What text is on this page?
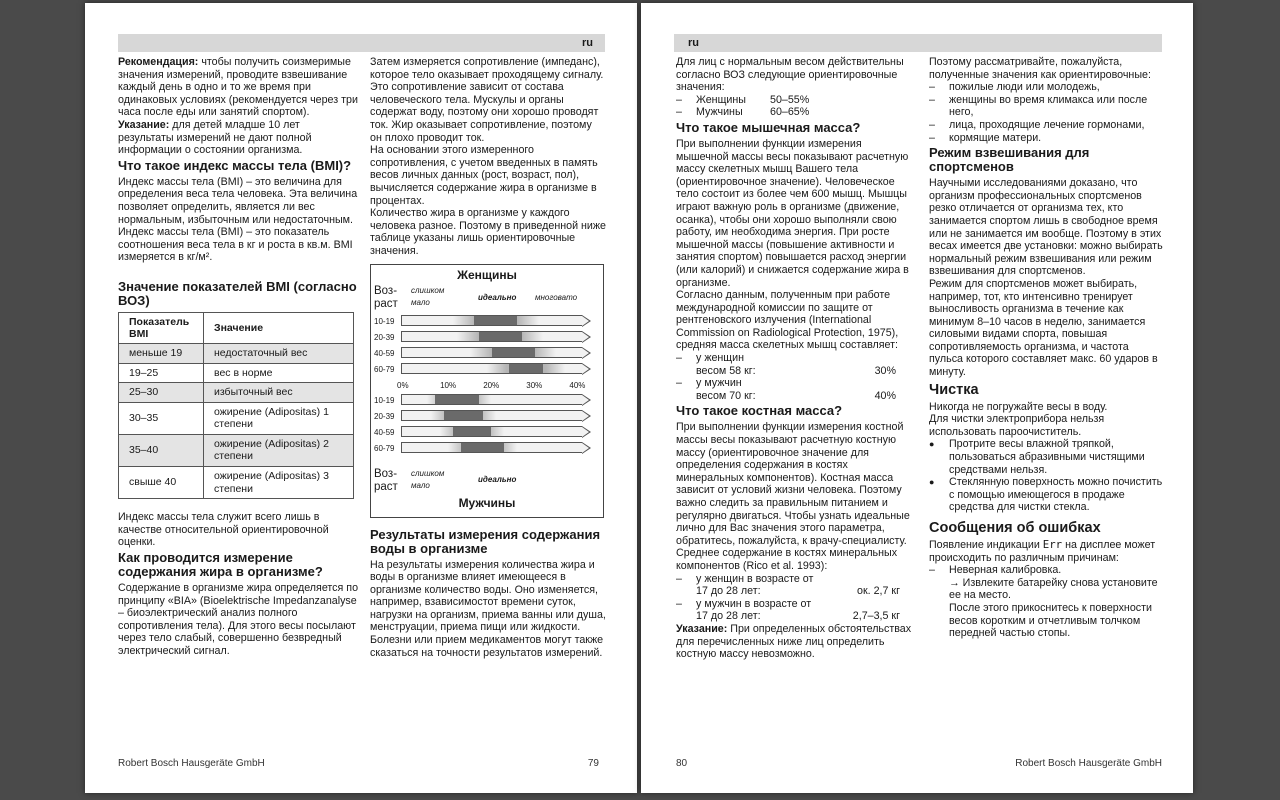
ru

Рекомендация: чтобы получить соизмеримые значения измерений, проводите взвешивание каждый день в одно и то же время при одинаковых условиях (рекомендуется через три часа после еды или занятий спортом).

Указание: для детей младше 10 лет результаты измерений не дают полной информации о состоянии организма.

Что такое индекс массы тела (BMI)?

Индекс массы тела (BMI) – это величина для определения веса тела человека. Эта величина позволяет определить, является ли вес нормальным, избыточным или недостаточным.

Индекс массы тела (BMI) – это показатель соотношения веса тела в кг и роста в кв.м. BMI измеряется в кг/м².

Значение показателей BMI (согласно ВОЗ)
Показатель BMI	Значение
меньше 19	недостаточный вес
19–25	вес в норме
25–30	избыточный вес
30–35	ожирение (Adipositas) 1 степени
35–40	ожирение (Adipositas) 2 степени
свыше 40	ожирение (Adipositas) 3 степени

Индекс массы тела служит всего лишь в качестве относительной ориентировочной оценки.

Как проводится измерение содержания жира в организме?

Содержание в организме жира определяется по принципу «BIA» (Bioelektrische Impedanzanalyse – биоэлектрический анализ полного сопротивления тела). Для этого весы посылают через тело слабый, совершенно безвредный электрический сигнал.

Затем измеряется сопротивление (импеданс), которое тело оказывает проходящему сигналу. Это сопротивление зависит от состава человеческого тела. Мускулы и органы содержат воду, поэтому они хорошо проводят ток. Жир оказывает сопротивление, поэтому он плохо проводит ток.

На основании этого измеренного сопротивления, с учетом введенных в память весов личных данных (рост, возраст, пол), вычисляется содержание жира в организме в процентах.

Количество жира в организме у каждого человека разное. Поэтому в приведенной ниже таблице указаны лишь ориентировочные значения.

Женщины
Воз- раст
слишком мало
идеально многовато
10-19
20-39
40-59
60-79
0%	10%	20%	30%	40%
10-19
20-39
40-59
60-79
Воз- раст
слишком мало
идеально
Мужчины
Результаты измерения содержания воды в организме

На результаты измерения количества жира и воды в организме влияет имеющееся в организме количество воды. Оно изменяется, например, взависимостот времени суток, нагрузки на организм, приема ванны или душа, менструации, приема пищи или жидкости. Болезни или прием медикаментов могут также сказаться на точности результатов измерений.

Robert Bosch Hausgeräte GmbH	79
ru

Для лиц с нормальным весом действительны согласно ВОЗ следующие ориентировочные значения:

– Женщины 50–55%
– Мужчины	60–65%
Что такое мышечная масса?

При выполнении функции измерения мышечной массы весы показывают расчетную массу скелетных мышц Вашего тела (ориентировочное значение). Человеческое тело состоит из более чем 600 мышц. Мышцы играют важную роль в организме (движение, осанка), чтобы они хорошо выполняли свою работу, им необходима энергия. При росте мышечной массы (повышение активности и занятия спортом) повышается расход энергии (или калорий) и снижается содержание жира в организме.

Согласно данным, полученным при работе международной комиссии по защите от рентгеновского излучения (International Commission on Radiological Protection, 1975), средняя масса скелетных мышц составляет:

– у женщин
весом 58 кг:	30%
– у мужчин
весом 70 кг:	40%
Что такое костная масса?

При выполнении функции измерения костной массы весы показывают расчетную костную массу (ориентировочное значение для определения содержания в костях минеральных компонентов). Костная масса зависит от условий жизни человека. Поэтому важно следить за правильным питанием и регулярно двигаться. Чтобы узнать идеальные лично для Вас значения этого параметра, обратитесь, пожалуйста, к врачу-специалисту.

Среднее содержание в костях минеральных компонентов (Rico et al. 1993):

– у женщин в возрасте от
17 до 28 лет:	ок. 2,7 кг
– у мужчин в возрасте от
17 до 28 лет:	2,7–3,5 кг

Указание: При определенных обстоятельствах для перечисленных ниже лиц определить костную массу невозможно.

Поэтому рассматривайте, пожалуйста, полученные значения как ориентировочные:

– пожилые люди или молодежь,
– женщины во время климакса или после него,
– лица, проходящие лечение гормонами,
– кормящие матери.
Режим взвешивания для спортсменов

Научными исследованиями доказано, что организм профессиональных спортсменов резко отличается от организма тех, кто занимается спортом лишь в свободное время или не занимается им вообще. Поэтому в этих весах имеется две установки: можно выбирать нормальный режим взвешивания или режим взвешивания для спортсменов.

Режим для спортсменов может выбирать, например, тот, кто интенсивно тренирует выносливость организма в течение как минимум 8–10 часов в неделю, занимается силовыми видами спорта, повышая сопротивляемость организма, и частота пульса которого составляет макс. 60 ударов в минуту.

Чистка

Никогда не погружайте весы в воду.

Для чистки электроприбора нельзя использовать пароочиститель.

● Протрите весы влажной тряпкой, пользоваться абразивными чистящими средствами нельзя.
● Стеклянную поверхность можно почистить с помощью имеющегося в продаже средства для чистки стекла.
Сообщения об ошибках

Появление индикации Err на дисплее может происходить по различным причинам:

– Неверная калибровка.
→ Извлеките батарейку снова установите ее на место.
После этого прикоснитесь к поверхности весов коротким и отчетливым толчком передней частью стопы.
80	Robert Bosch Hausgeräte GmbH
